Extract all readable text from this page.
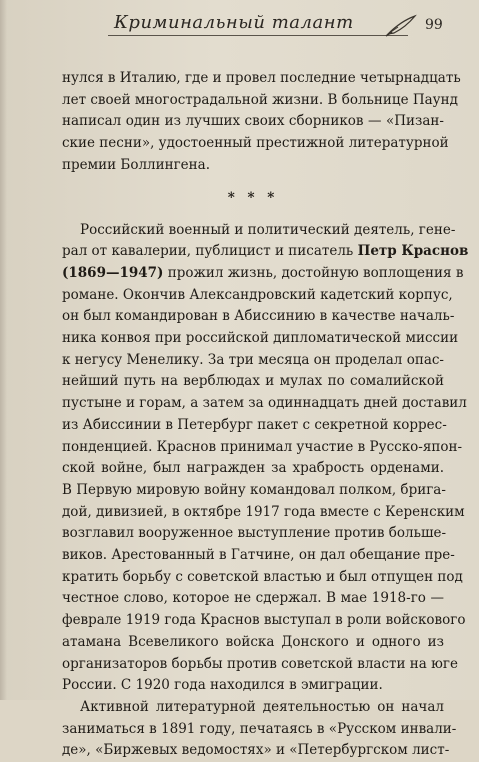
Криминальный талант	99
нулся в Италию, где и провел последние четырнадцать
лет своей многострадальной жизни. В больнице Паунд
написал один из лучших своих сборников — «Пизан-
ские песни», удостоенный престижной литературной
премии Боллингена.
* * *
Российский военный и политический деятель, гене-
рал от кавалерии, публицист и писатель Петр Краснов
(1869—1947) прожил жизнь, достойную воплощения в
романе. Окончив Александровский кадетский корпус,
он был командирован в Абиссинию в качестве началь-
ника конвоя при российской дипломатической миссии
к негусу Менелику. За три месяца он проделал опас-
нейший путь на верблюдах и мулах по сомалийской
пустыне и горам, а затем за одиннадцать дней доставил
из Абиссинии в Петербург пакет с секретной коррес-
понденцией. Краснов принимал участие в Русско-япон-
ской войне, был награжден за храбрость орденами.
В Первую мировую войну командовал полком, брига-
дой, дивизией, в октябре 1917 года вместе с Керенским
возглавил вооруженное выступление против больше-
виков. Арестованный в Гатчине, он дал обещание пре-
кратить борьбу с советской властью и был отпущен под
честное слово, которое не сдержал. В мае 1918-го —
феврале 1919 года Краснов выступал в роли войскового
атамана Всевеликого войска Донского и одного из
организаторов борьбы против советской власти на юге
России. С 1920 года находился в эмиграции.
Активной литературной деятельностью он начал
заниматься в 1891 году, печатаясь в «Русском инвали-
де», «Биржевых ведомостях» и «Петербургском лист-
